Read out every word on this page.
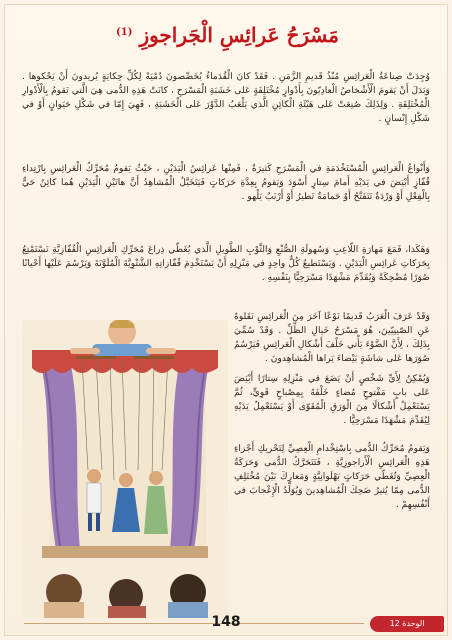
مَسْرَحُ عَرائِسِ الْجَراجوزِ $^{(1)}$

وُجِدَتْ صِناعَةُ الْعَرائِسِ مُنْذُ قَديمِ الزَّمَنِ . فَقَدْ كانَ الْقُدَماءُ يُخَصِّصونَ دُمْيَةً لِكُلِّ حِكايَةٍ يُريدونَ أَنْ يَحْكوها . وَبَدَلَ أَنْ يَقومَ الْأَشْخاصُ الْعادِيّونَ بِأَدْوارٍ مُخْتَلِفَةٍ عَلى خَشَبَةِ الْمَسْرَحِ ، كانَتْ هَذِهِ الدُّمى هِيَ الَّتي تَقومُ بِالْأَدْوارِ الْمُخْتَلِفَةِ . وَلِذَلِكَ صُنِعَتْ عَلى هَيْئَةِ الْكائِنِ الَّذي يَلْعَبُ الدَّوْرَ عَلى الْخَشَبَةِ ، فَهِيَ إِمّا في شَكْلِ حَيَوانٍ أَوْ في شَكْلِ إِنْسانٍ .

وَأَنْواعُ الْعَرائِسِ الْمُسْتَخْدَمَةِ في الْمَسْرَحِ كَثيرَةٌ ، فَمِنْها عَرائِسُ الْيَدَيْنِ ، حَيْثُ يَقومُ مُحَرِّكُ الْعَرائِسِ بِارْتِداءِ قُفّازٍ أَبْيَضَ في يَدَيْهِ أَمامَ سِتارٍ أَسْوَدَ وَيَقومُ بِعِدَّةِ حَرَكاتٍ فَيَتَخَيَّلُ الْمُشاهِدُ أَنَّ هاتَيْنِ الْيَدَيْنِ هُما كائِنٌ حَيٌّ بِالْفِعْلِ أَوْ وَرْدَةٌ تَتَفَتَّحُ أَوْ حَمامَةٌ تَطيرُ أَوْ أَرْنَبٌ يَلْهو .

وَهَكَذا، فَمَعَ مَهارَةِ اللّاعِبِ وَسُهولَةِ الصُّنْعِ وَالثَّوْبِ الطَّويلِ الَّذي يُغَطّي ذِراعَ مُحَرِّكِ الْعَرائِسِ الْقُفّازِيَّةِ نَسْتَمْتِعُ بِحَرَكاتِ عَرائِسِ الْيَدَيْنِ . وَيَسْتَطيعُ كُلٌّ واحِدٍ في مَنْزِلِهِ أَنْ يَسْتَخْدِمَ قُفّازاتِهِ الشَّتْوِيَّةَ الْمُلَوَّنَةَ وَيَرْسُمَ عَلَيْها أَحْيانًا صُوَرًا مُضْحِكَةً وَيُقَدِّمَ مَشْهَدًا مَسْرَحِيًّا بِنَفْسِهِ .

وَقَدْ عَرَفَ الْعَرَبُ قَديمًا نَوْعًا آخَرَ مِنَ الْعَرائِسِ نَقَلوهُ عَنِ الصّينِيّينَ، هُوَ مَسْرَحُ خَيالِ الظِّلِّ . وَقَدْ سُمِّيَ بِذَلِكَ ، لِأَنَّ الضَّوْءَ يَأْتي خَلْفَ أَشْكالِ الْعَرائِسِ فَيَرْسُمُ صُوَرَها عَلى شاشَةٍ بَيْضاءَ يَراها الْمُشاهِدونَ .

وَيُمْكِنُ لِأَيِّ شَخْصٍ أَنْ يَضَعَ في مَنْزِلِهِ سِتارًا أَبْيَضَ عَلى بابٍ مَفْتوحٍ مُضاءٍ خَلْفَهُ بِمِصْباحٍ قَوِيٍّ، ثُمَّ يَسْتَعْمِلُ أَشْكالًا مِنَ الْوَرَقِ الْمُقَوّى أَوْ يَسْتَعْمِلُ يَدَيْهِ لِيُقَدِّمَ مَشْهَدًا مَسْرَحِيًّا .

وَيَقومُ مُحَرِّكُ الدُّمى بِاسْتِخْدامِ الْعِصِيِّ لِتَحْريكِ أَجْزاءِ هَذِهِ الْعَرائِسِ الْأَراجوزِيَّةِ ، فَتَتَحَرَّكُ الدُّمى وَحَرَكَةُ الْعِصِيِّ وَتُغَطّي حَرَكاتٍ بَهْلَوانِيَّةٍ وَمَعارِكَ بَيْنَ مُخْتَلِفِ الدُّمى مِمّا يُثيرُ ضَحِكَ الْمُشاهِدينَ وَيُوَلِّدُ الْإِعْجابَ في أَنْفُسِهِمْ .

148	الوحدة 12
